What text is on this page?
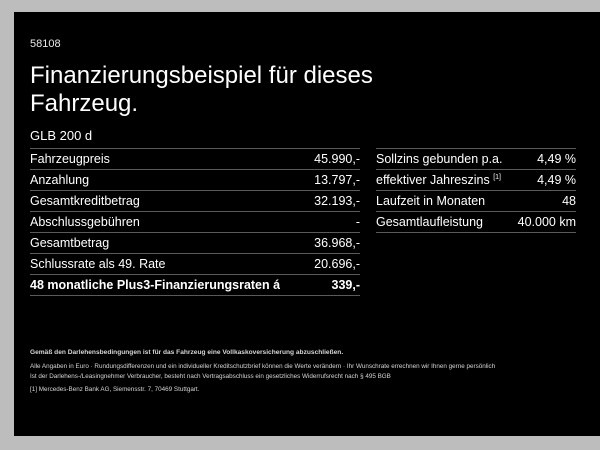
58108
Finanzierungsbeispiel für dieses Fahrzeug.
GLB 200 d
Fahrzeugpreis	45.990,-
Anzahlung	13.797,-
Gesamtkreditbetrag	32.193,-
Abschlussgebühren	-
Gesamtbetrag	36.968,-
Schlussrate als 49. Rate	20.696,-
48 monatliche Plus3-Finanzierungsraten á	339,-
Sollzins gebunden p.a.	4,49 %
effektiver Jahreszins [1]	4,49 %
Laufzeit in Monaten	48
Gesamtlaufleistung	40.000 km
Gemäß den Darlehensbedingungen ist für das Fahrzeug eine Vollkaskoversicherung abzuschließen.
Alle Angaben in Euro · Rundungsdifferenzen und ein individueller Kreditschutzbrief können die Werte verändern · Ihr Wunschrate errechnen wir Ihnen gerne persönlich
Ist der Darlehens-/Leasingnehmer Verbraucher, besteht nach Vertragsabschluss ein gesetzliches Widerrufsrecht nach § 495 BGB
[1] Mercedes-Benz Bank AG, Siemensstr. 7, 70469 Stuttgart.
